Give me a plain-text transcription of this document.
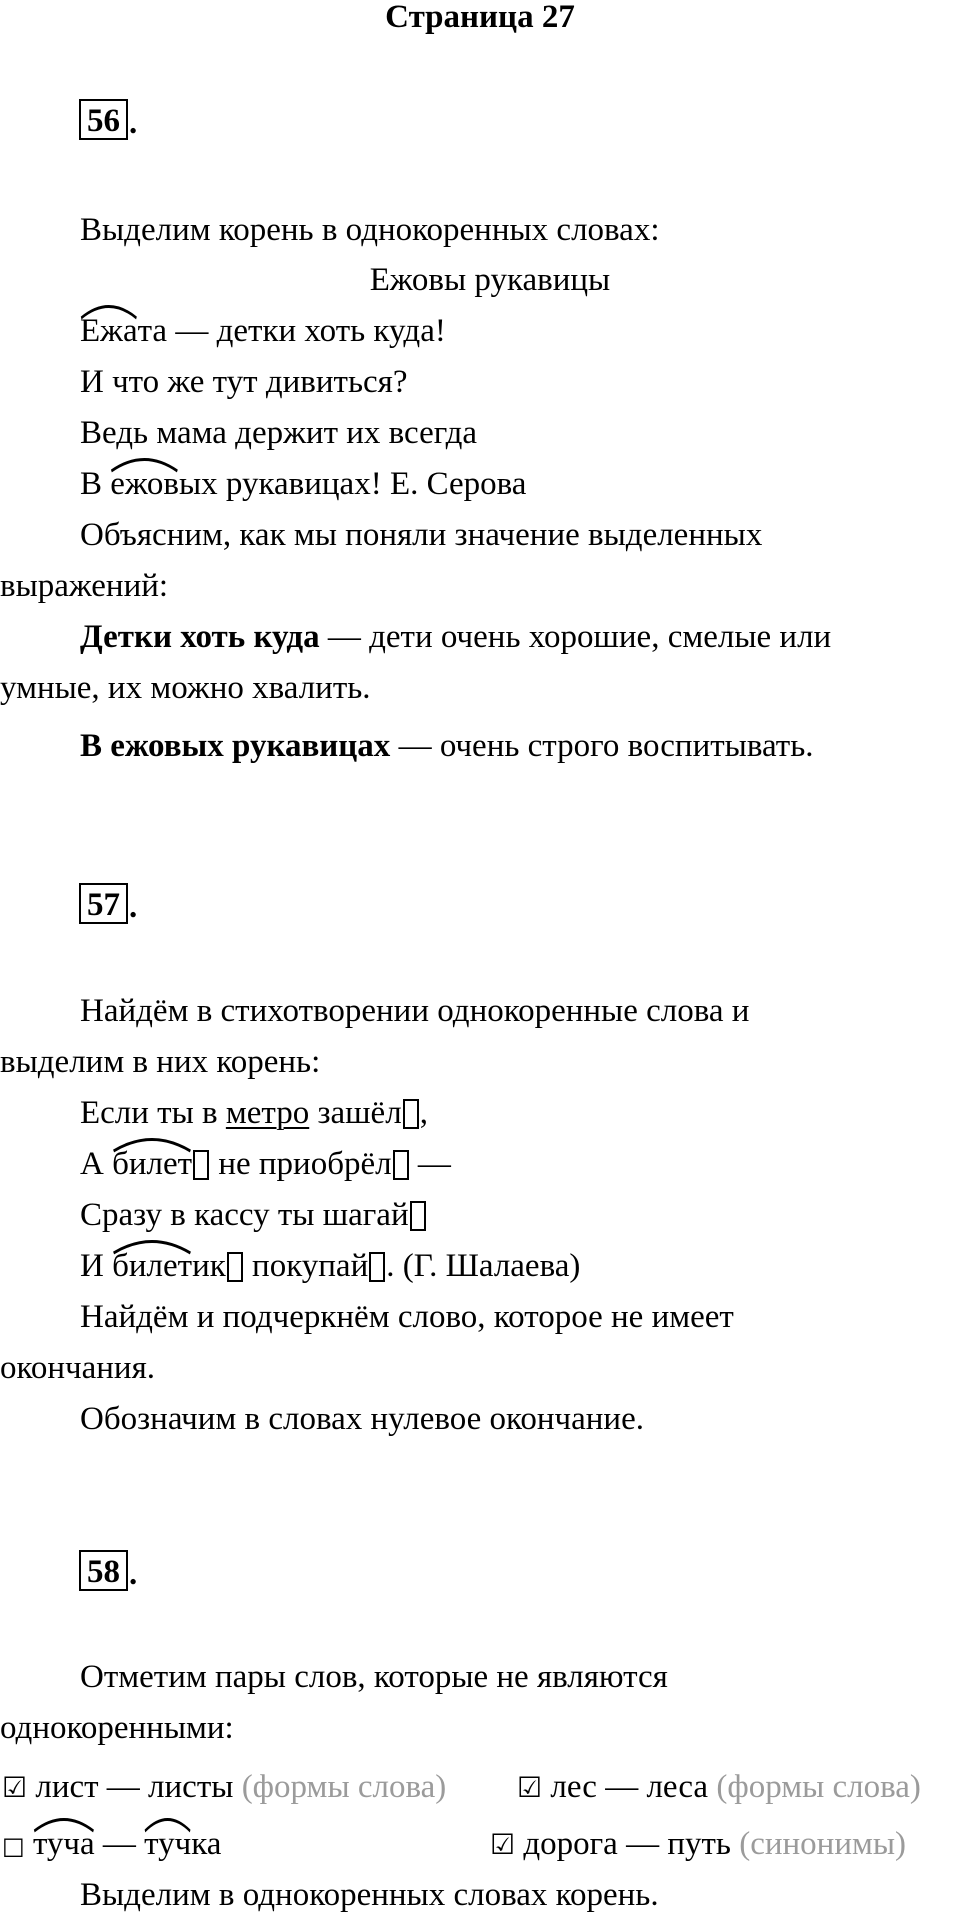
Страница 27
56 .
Выделим корень в однокоренных словах:
Ежовы рукавицы
Ежата — детки хоть куда!
И что же тут дивиться?
Ведь мама держит их всегда
В
ежовых рукавицах! Е. Серова
Объясним, как мы поняли значение выделенных
выражений:
Детки хоть куда — дети очень хорошие, смелые или
умные, их можно хвалить.
В ежовых рукавицах — очень строго воспитывать.
57 .
Найдём в стихотворении однокоренные слова и
выделим в них корень:
Если ты в метро зашёл ,
А
билет не приобрёл —
Сразу в кассу ты шагай
И
билетик покупай . (Г. Шалаева)
Найдём и подчеркнём слово, которое не имеет
окончания.
Обозначим в словах нулевое окончание.
58 .
Отметим пары слов, которые не являются
однокоренными:
☑ лист — листы (формы слова)	☑ лес — леса (формы слова)
□ туча —
тучка	☑ дорога — путь (синонимы)
Выделим в однокоренных словах корень.
